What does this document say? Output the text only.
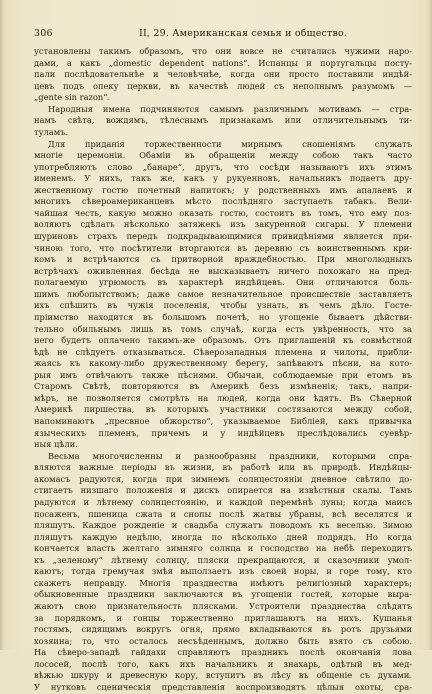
306	II, 29. Американская семья и общество.
установлены такимъ образомъ, что они вовсе не считались чужими наро-
дами, а какъ „domestic dependent nations“. Испанцы и португальцы посту-
пали послѣдовательнѣе и человѣчнѣе, когда они просто поставили индѣй-
цевъ подъ опеку церкви, въ качествѣ людей съ неполнымъ разумомъ —
„gente sin razon“.
Народныя имена подчиняются самымъ различнымъ мотивамъ — стра-
намъ свѣта, вождямъ, тѣлеснымъ признакамъ или отличительнымъ ти-
туламъ.
Для приданія торжественности мирнымъ сношеніямъ служатъ
многіе церемоніи. Обаміи въ обращеніи между собою такъ часто
употребляютъ слово „банаре“, другъ, что сосѣди называютъ ихъ этимъ
именемъ. У нихъ, такъ же, какъ у рукуенновъ, начальникъ подаетъ дру-
жественному гостю почетный напитокъ; у родственныхъ имъ апалаевъ и
многихъ сѣвероамериканцевъ мѣсто послѣдняго заступаетъ табакъ. Вели-
чайшая честь, какую можно оказать гостю, состоитъ въ томъ, что ему поз-
воляютъ сдѣлать нѣсколько затяжекъ изъ закуренной сигары. У племени
шуриновъ страхъ передъ подкрадывающимися привидѣніями является при-
чиною того, что посѣтители вторгаются въ деревню съ воинственнымъ кри-
комъ и встрѣчаются съ притворной враждебностью. При многолюдныхъ
встрѣчахъ оживленная бесѣда не высказываетъ ничего похожаго на пред-
полагаемую угрюмость въ характерѣ индѣйцевъ. Они отличаются боль-
шимъ любопытствомъ; даже самое незначительное происшествіе заставляетъ
ихъ спѣшить въ чужія поселенія, чтобы узнать, въ чемъ дѣло. Госте-
пріимство находится въ большомъ почетѣ, но угощеніе бываетъ дѣйстви-
тельно обильнымъ лишь въ томъ случаѣ, когда есть увѣренность, что за
него будетъ оплачено такимъ-же образомъ. Отъ приглашеній къ совмѣстной
ѣдѣ не слѣдуетъ отказываться. Сѣверозападныя племена и чилоты, прибли-
жаясь къ какому-либо дружественному берегу, запѣваютъ пѣсни, на кото-
рыя имъ отвѣчаютъ также пѣснями. Обычаи, соблюдаемые при етомъ въ
Старомъ Свѣтѣ, повторяются въ Америкѣ безъ измѣненія; такъ, напри-
мѣръ, не позволяется смотрѣть на людей, когда они ѣдятъ. Въ Сѣверной
Америкѣ пиршества, въ которыхъ участники состязаются между собой,
напоминаютъ „пресвное обжорство“, указываемое Библіей, какъ привычка
языческихъ племенъ, причемъ и у индѣйцевъ преслѣдовались суевѣр-
ныя цѣли.
Весьма многочисленны и разнообразны праздники, которыми спра-
вляются важные періоды въ жизни, въ работѣ или въ природѣ. Индѣйцы-
акомасъ радуются, когда при зимнемъ солнцестояніи дневное свѣтило до-
стигаетъ низшаго положенія и дискъ опирается на извѣстныя скалы. Тамъ
радуются и лѣтнему солнцестоянію, и каждой перемѣнѣ луны; когда маисъ
посаженъ, пшеница сжата и снопы послѣ жатвы убраны, всѣ веселятся и
пляшутъ. Каждое рожденіе и свадьба служатъ поводомъ къ веселью. Зимою
пляшутъ каждую недѣлю, иногда по нѣсколько дней подрядъ. Но когда
кончается власть желтаго зимняго солнца и господство на небѣ переходитъ
къ „зеленому“ лѣтнему солнцу, пляски прекращаются, и сказочники умол-
каютъ; тогда гремучая змѣя выползаетъ изъ своей норы, и горе тому, кто
скажетъ неправду. Многія празднества имѣютъ религіозный характеръ;
обыкновенные праздники заключаются въ угощеніи гостей, которые выра-
жаютъ свою признательность плясками. Устроители празднества слѣдятъ
за порядкомъ, и гонцы торжественно приглашаютъ на нихъ. Кушанья
гостямъ, сидящимъ вокругъ огня, прямо вкладываются въ ротъ друзьями
хозяина; то, что осталось несъѣденнымъ, должно быть взято съ собою.
На сѣверо-западѣ гайдахи справляютъ праздникъ послѣ окончанія лова
лососей, послѣ того, какъ ихъ начальникъ и знахарь, одѣтый въ мед-
вѣжью шкуру и древесную кору, вступитъ въ лѣсу въ общеніе съ духами.
У нутковъ сценическія представленія воспроизводятъ цѣлыя охоты, сра-
